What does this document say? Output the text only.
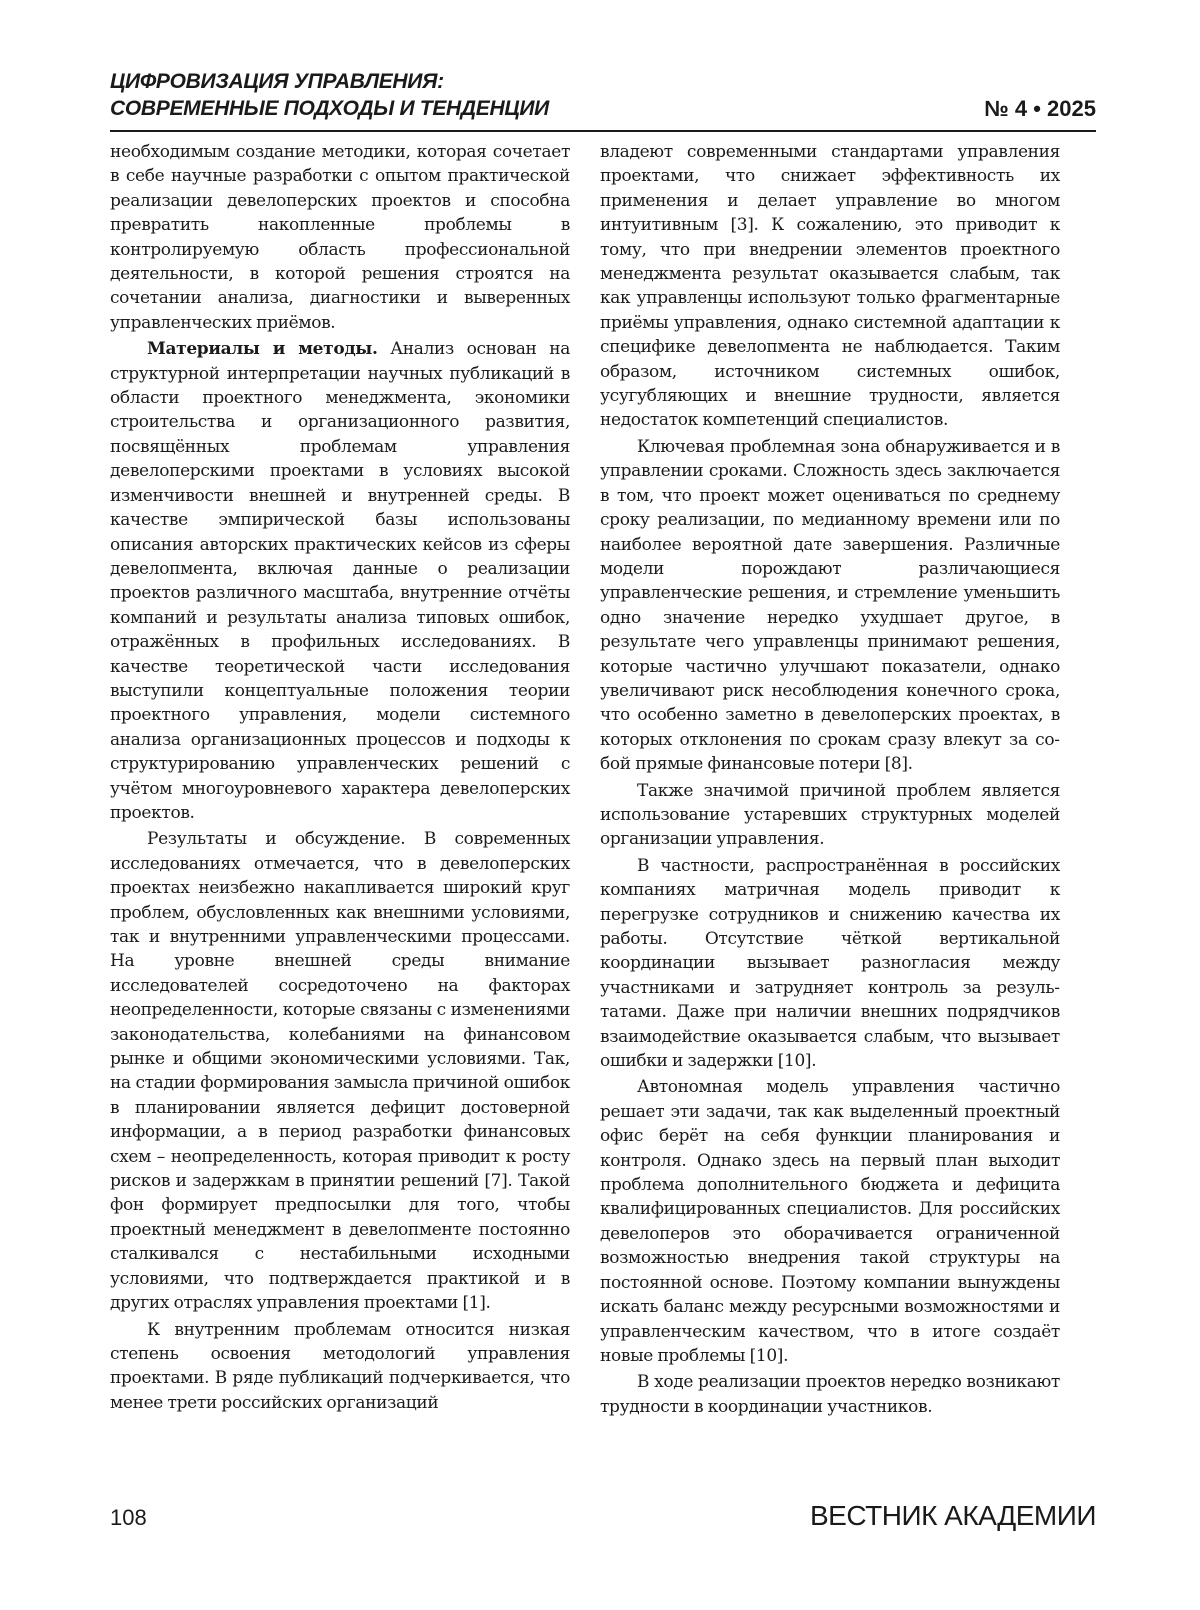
ЦИФРОВИЗАЦИЯ УПРАВЛЕНИЯ:
СОВРЕМЕННЫЕ ПОДХОДЫ И ТЕНДЕНЦИИ	№ 4 • 2025

необходимым создание методики, которая сочетает в себе научные разработки с опытом практической реализации девелоперских проектов и способна превратить накопленные проблемы в контролируемую область профессиональной деятельности, в которой решения строятся на сочетании анализа, диагностики и выверенных управленческих приёмов.

Материалы и методы. Анализ основан на структурной интерпретации научных публикаций в области проектного менеджмента, экономики строительства и организационного развития, посвящённых проблемам управления девелоперскими проектами в условиях высокой изменчивости внешней и внутренней среды. В качестве эмпирической базы использованы описания авторских практических кейсов из сферы девелопмента, включая данные о реализации проектов различного масштаба, внутренние отчёты компаний и результаты анализа типовых ошибок, отражённых в профильных исследованиях. В качестве теоретической части исследования выступили концептуальные положения теории проектного управления, модели системного анализа организационных процессов и подходы к структурированию управленческих решений с учётом многоуровневого характера девелоперских проектов.

Результаты и обсуждение. В современных исследованиях отмечается, что в девелоперских проектах неизбежно накапливается широкий круг проблем, обусловленных как внешними условиями, так и внутренними управленческими процессами. На уровне внешней среды внимание исследователей сосредоточено на факторах неопределенности, которые связаны с изменениями законодательства, колебаниями на финансовом рынке и общими экономическими условиями. Так, на стадии формирования замысла причиной ошибок в планировании является дефицит достоверной информации, а в период разработки финансовых схем – неопределенность, которая приводит к росту рисков и задержкам в принятии решений [7]. Такой фон формирует предпосылки для того, чтобы проектный менеджмент в девелопменте постоянно сталкивался с нестабильными исходными условиями, что подтверждается практикой и в других отраслях управления проектами [1].

К внутренним проблемам относится низкая степень освоения методологий управления проектами. В ряде публикаций подчеркивается, что менее трети российских организаций

владеют современными стандартами управления проектами, что снижает эффективность их применения и делает управление во многом интуитивным [3]. К сожалению, это приводит к тому, что при внедрении элементов проектного менеджмента результат оказывается слабым, так как управленцы используют только фрагментарные приёмы управления, однако системной адаптации к специфике девелопмента не наблюдается. Таким образом, источником системных ошибок, усугубляющих и внешние трудности, является недостаток компетенций специалистов.

Ключевая проблемная зона обнаруживается и в управлении сроками. Сложность здесь заключается в том, что проект может оцениваться по среднему сроку реализации, по медианному времени или по наиболее вероятной дате завершения. Различные модели порождают различающиеся управленческие решения, и стремление уменьшить одно значение нередко ухудшает другое, в результате чего управленцы принимают решения, которые частично улучшают показатели, однако увеличивают риск несоблюдения конечного срока, что особенно заметно в девелоперских проектах, в которых отклонения по срокам сразу влекут за собой прямые финансовые потери [8].

Также значимой причиной проблем является использование устаревших структурных моделей организации управления.

В частности, распространённая в российских компаниях матричная модель приводит к перегрузке сотрудников и снижению качества их работы. Отсутствие чёткой вертикальной координации вызывает разногласия между участниками и затрудняет контроль за результатами. Даже при наличии внешних подрядчиков взаимодействие оказывается слабым, что вызывает ошибки и задержки [10].

Автономная модель управления частично решает эти задачи, так как выделенный проектный офис берёт на себя функции планирования и контроля. Однако здесь на первый план выходит проблема дополнительного бюджета и дефицита квалифицированных специалистов. Для российских девелоперов это оборачивается ограниченной возможностью внедрения такой структуры на постоянной основе. Поэтому компании вынуждены искать баланс между ресурсными возможностями и управленческим качеством, что в итоге создаёт новые проблемы [10].

В ходе реализации проектов нередко возникают трудности в координации участников.

108	ВЕСТНИК АКАДЕМИИ
